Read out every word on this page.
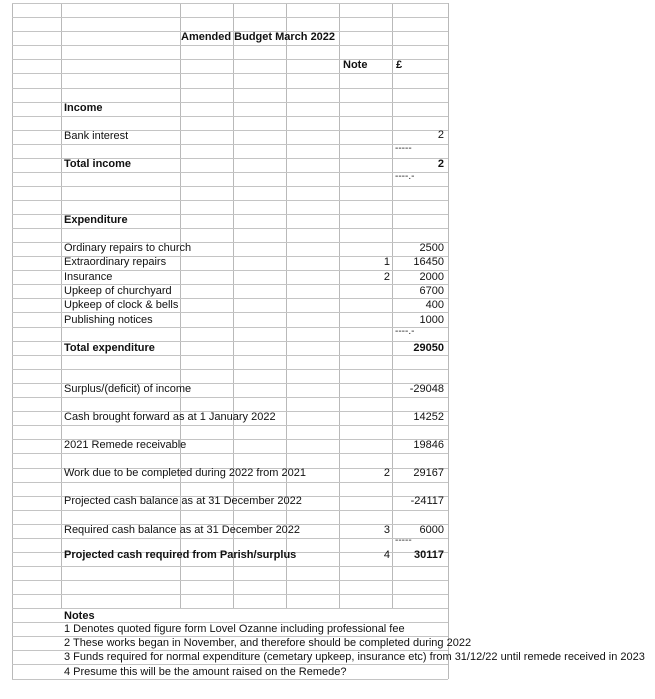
Amended Budget March 2022
Note	£
Income
Bank interest	2
-----
Total income	2
----.-
Expenditure
Ordinary repairs to church	2500
Extraordinary repairs	1	16450
Insurance	2	2000
Upkeep of churchyard	6700
Upkeep of clock & bells	400
Publishing notices	1000
----.-
Total expenditure	29050
Surplus/(deficit) of income	-29048
Cash brought forward as at 1 January 2022	14252
2021 Remede receivable	19846
Work due to be completed during 2022 from 2021	2	29167
Projected cash balance as at 31 December 2022	-24117
Required cash balance as at 31 December 2022	3	6000
-----
Projected cash required from Parish/surplus	4	30117
Notes
1 Denotes quoted figure form Lovel Ozanne including professional fee
2 These works began in November, and therefore should be completed during 2022
3 Funds required for normal expenditure (cemetary upkeep, insurance etc) from 31/12/22 until remede received in 2023
4 Presume this will be the amount raised on the Remede?
